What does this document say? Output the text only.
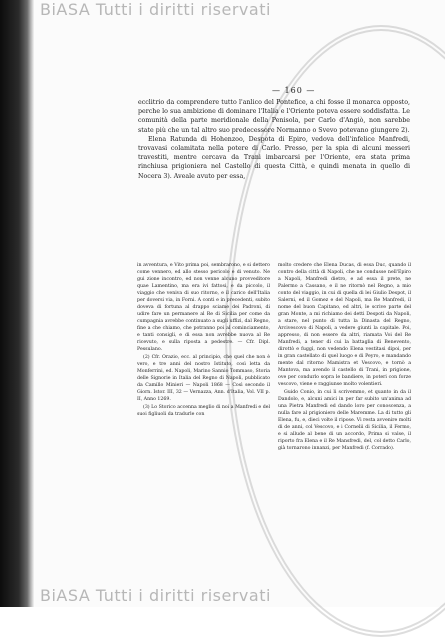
BiASA Tutti i diritti riservati
— 160 —

ecclitrio da comprendere tutto l'anlico del Pontefice, a chi fosse il monarca opposto, perche lo sua ambizione di dominare l'Italia e l'Oriente poteva essere soddisfatta. Le comunità della parte meridionale della Penisola, per Carlo d'Angiò, non sarebbe state più che un tal altro suo predecessore Normanno o Svevo potevano giungere 2).

Elena Ratunda di Hohenzoo, Despota di Epiro, vedova dell'infelice Manfredi, trovavasi colamitata nella potere di Carlo. Presso, per la spia di alcuni messeri travestiti, mentre cercava da Trani imbarcarsi per l'Oriente, era stata prima rinchiusa prigioniera nel Castello di questa Città, e quindi menata in quello di Nocera 3). Aveale avuto per essa,

in avventura, e Vito prima poi, sembrarono, e si dettero come vennero, ed allo stesso pericolo e di venuto. Ne gui zione incontro, ed non venne alcuno provveditore quae Lamentino, ma era ivi fattosi, e da piccolo, il viaggio che veniva di suo ritorno, e il carico dell'Italia per doversi via, in Forni. A conti e in precedenti, subito doveva di fortuna al drappo sciame dei Padroni, di udire fare un permanere al Re di Sicilia per come da cumpagnia avrebbe continuato a sugli uffizi, dal Regno, fine a che chiamo, che potranno poi al cominciamento, e tanti consigli, e di essa non avrebbe nuova al Re ricevuto, e sulla riposta a pedestre. — Cfr. Dipl. Pessulano.

(2) Cfr. Orazio, ecc. al principio, che quel che non è vero, e tre anni del nostro Istituto, così letta da Monferrini, ed. Napoli, Marino Sannio Tommaso, Storia delle Signorie in Italia del Regno di Napoli, pubblicato da Camillo Minieri — Napoli 1868 — Così secondo il Giorn. Istor. III, 32 — Vernazza, Ann. d'Italia, Vol. VII p. II, Anno 1269.

(3) Lo Storico accenna meglio di noi a Manfredi e del suoi figliuoli da tradurle con

molto credere che Elena Ducas, di essa Duc, quando il contro della città di Napoli, che ne condusse nell'Epiro a Napoli, Manfredi dietro, e ad essa il prete, ne Palermo a Cassano, e il ne ritornò nel Regno, a mio conto del viaggio, in cui di quella di lei Giulio Despot, il Salerni, ed il Gomez e del Napoli, ma Re Manfredi, il nome del buon Capitano, ed altri, le scrive parte del gran Monte, a mi richiamo dei detti Despoti da Napoli, a stare, nel punto di tutta la Dinasta del Regno, Arcivescovo di Napoli, a vedere giunti la capitale. Poi, appresso, di non essere da altri, riamata Voi del Re Manfredi, a tener di cui la battaglia di Benevento, dirottò e fuggì, non vedendo Elena vestitasi dipoi, per in gran castellato di quel luogo e di Peyro, e mandando mente dal ritorno Mamistra et Vescovo, e tornò a Mantova, ma avendo il castello di Trani, in prigione, ove per condurlo sopra le bandiere, in poteri con forze vescovo, viene e raggiunse molto volentieri.

Guido Conio, in cui li scrivemmo, et quanto in da il Dandolo, e, alcuni amici in per far subito un'anima ad una Pietra Manfredi ed dando loro per conoscenza, a nulla fare al prigioniero delle Maremme. La di tutto gli Elena, fu, e, dieci volte il ripose. Vi resta avvenire molti di de anni, col Vescovo, e i Cornelii di Sicilia, il Fermo, e si allude al bene di un accordo, Prima si valse, il riporto fra Elena e il Re Mansfredi, del, col detto Carlo, già tornarono innanzi, per Manfredi (f. Corrado).

BiASA Tutti i diritti riservati
